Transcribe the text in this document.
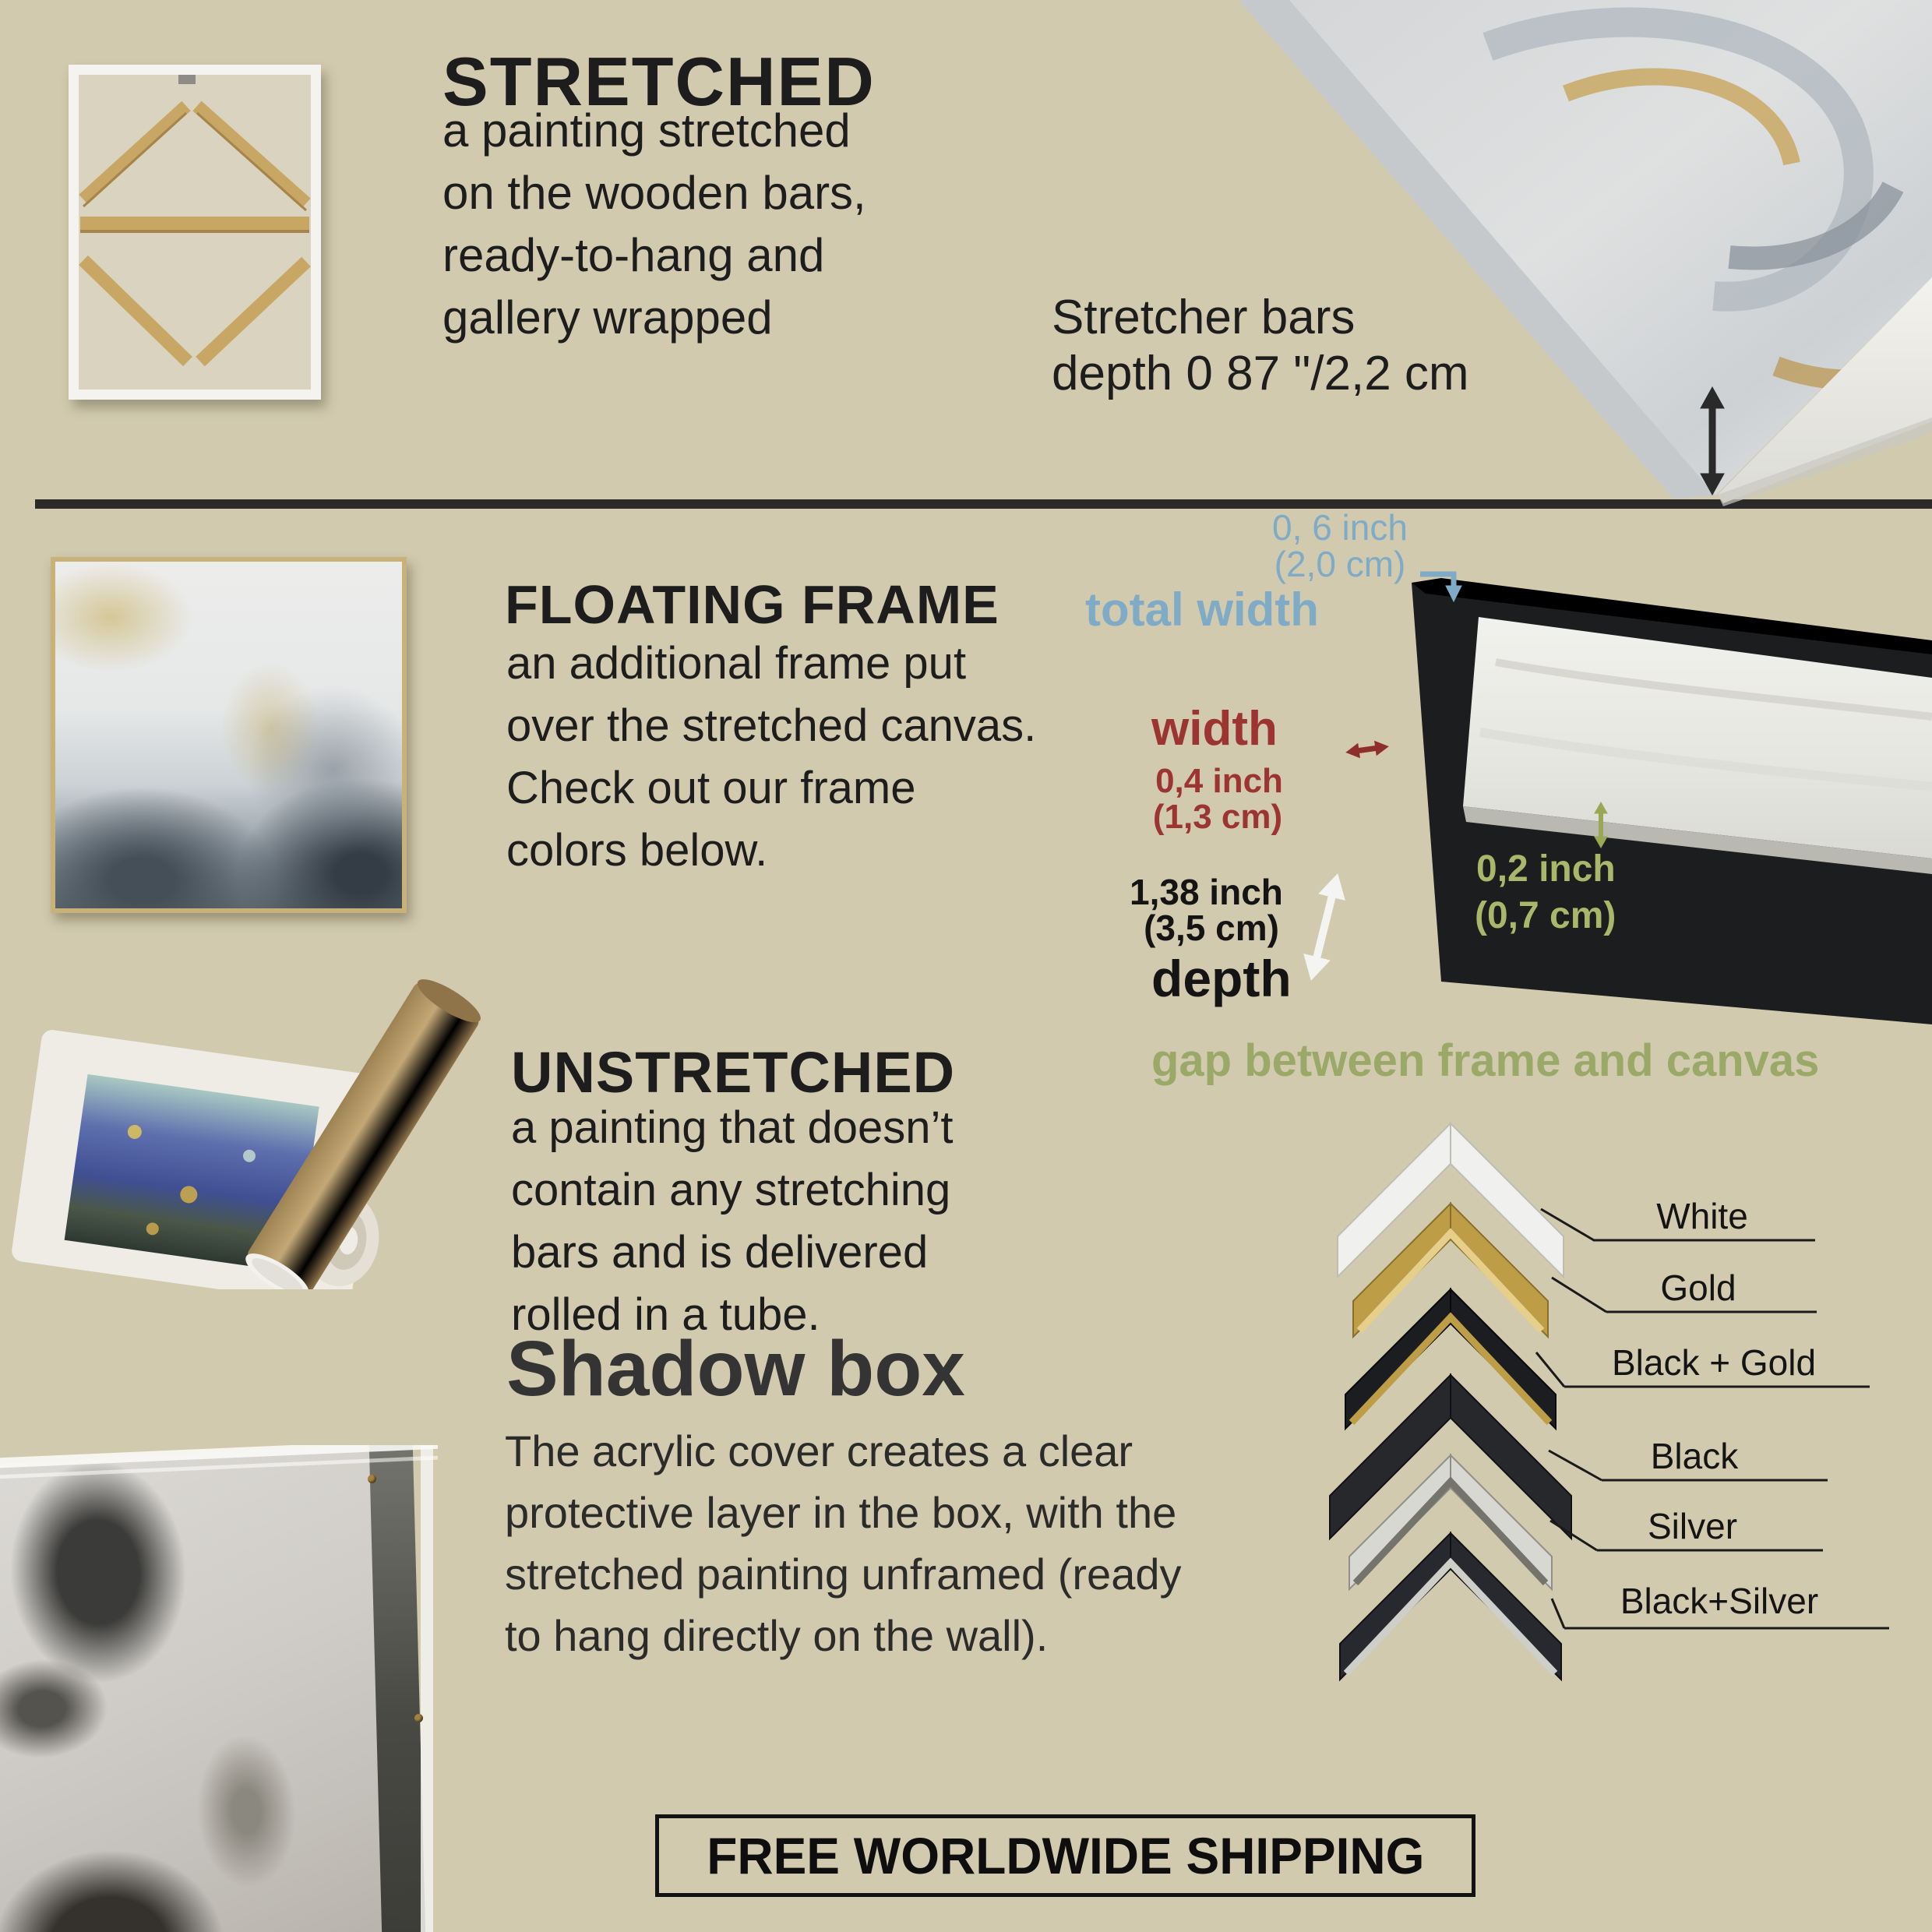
STRETCHED
a painting stretched
on the wooden bars,
ready-to-hang and
gallery wrapped	Stretcher bars
depth 0 87 "/2,2 cm
FLOATING FRAME
an additional frame put
over the stretched canvas.
Check out our frame
colors below.
0, 6 inch
(2,0 cm)
total width
width
0,4 inch
(1,3 cm)
1,38 inch
(3,5 cm)
depth
0,2 inch
(0,7 cm)
gap between frame and canvas
UNSTRETCHED
a painting that doesn’t
contain any stretching
bars and is delivered
rolled in a tube.
Shadow box
The acrylic cover creates a clear
protective layer in the box, with the
stretched painting unframed (ready
to hang directly on the wall).
White
Gold
Black + Gold
Black
Silver
Black+Silver
FREE WORLDWIDE SHIPPING
